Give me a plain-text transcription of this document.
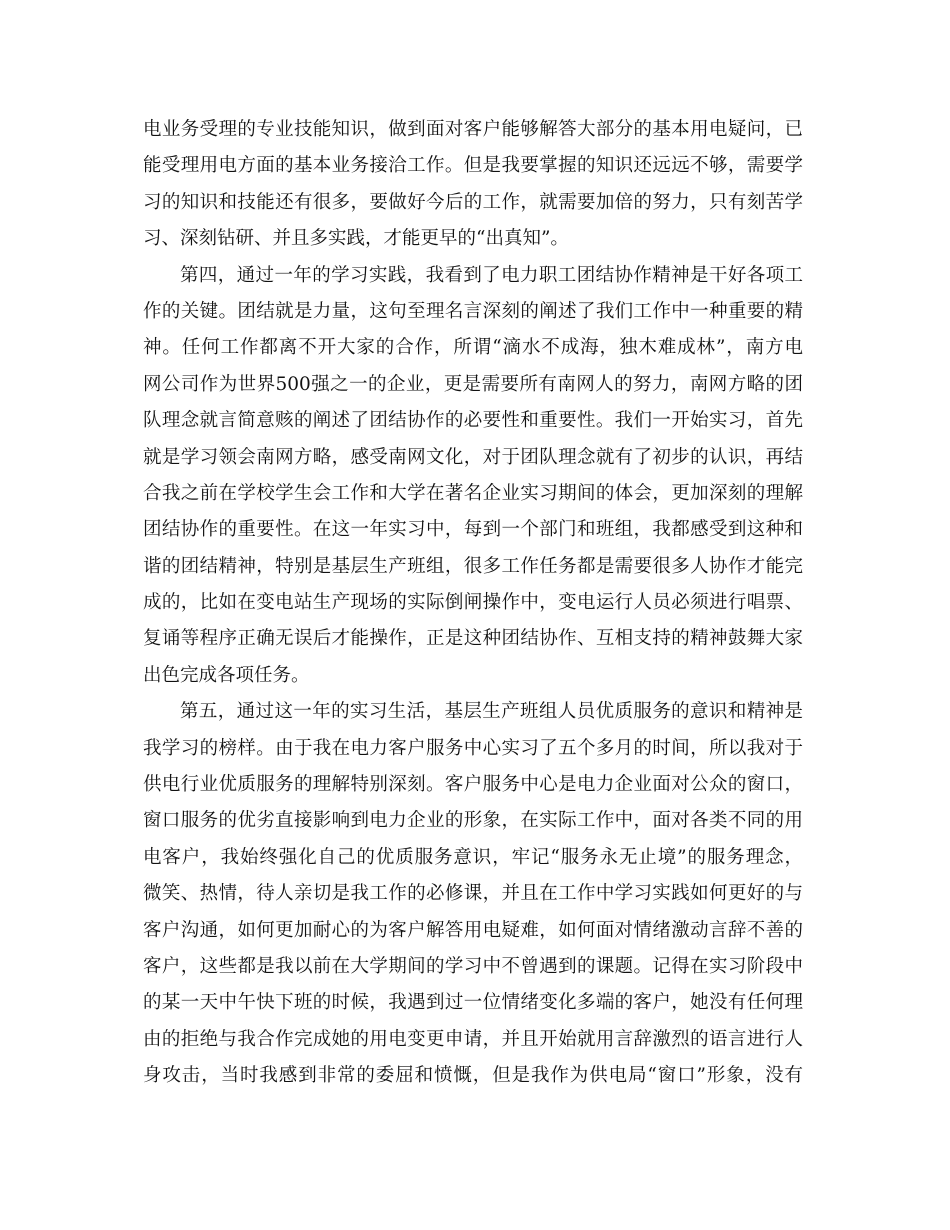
电业务受理的专业技能知识，做到面对客户能够解答大部分的基本用电疑问，已
能受理用电方面的基本业务接洽工作。但是我要掌握的知识还远远不够，需要学
习的知识和技能还有很多，要做好今后的工作，就需要加倍的努力，只有刻苦学
习、深刻钻研、并且多实践，才能更早的“出真知”。
第四，通过一年的学习实践，我看到了电力职工团结协作精神是干好各项工
作的关键。团结就是力量，这句至理名言深刻的阐述了我们工作中一种重要的精
神。任何工作都离不开大家的合作，所谓“滴水不成海，独木难成林”，南方电
网公司作为世界500强之一的企业，更是需要所有南网人的努力，南网方略的团
队理念就言简意赅的阐述了团结协作的必要性和重要性。我们一开始实习，首先
就是学习领会南网方略，感受南网文化，对于团队理念就有了初步的认识，再结
合我之前在学校学生会工作和大学在著名企业实习期间的体会，更加深刻的理解
团结协作的重要性。在这一年实习中，每到一个部门和班组，我都感受到这种和
谐的团结精神，特别是基层生产班组，很多工作任务都是需要很多人协作才能完
成的，比如在变电站生产现场的实际倒闸操作中，变电运行人员必须进行唱票、
复诵等程序正确无误后才能操作，正是这种团结协作、互相支持的精神鼓舞大家
出色完成各项任务。
第五，通过这一年的实习生活，基层生产班组人员优质服务的意识和精神是
我学习的榜样。由于我在电力客户服务中心实习了五个多月的时间，所以我对于
供电行业优质服务的理解特别深刻。客户服务中心是电力企业面对公众的窗口，
窗口服务的优劣直接影响到电力企业的形象，在实际工作中，面对各类不同的用
电客户，我始终强化自己的优质服务意识，牢记“服务永无止境”的服务理念，
微笑、热情，待人亲切是我工作的必修课，并且在工作中学习实践如何更好的与
客户沟通，如何更加耐心的为客户解答用电疑难，如何面对情绪激动言辞不善的
客户，这些都是我以前在大学期间的学习中不曾遇到的课题。记得在实习阶段中
的某一天中午快下班的时候，我遇到过一位情绪变化多端的客户，她没有任何理
由的拒绝与我合作完成她的用电变更申请，并且开始就用言辞激烈的语言进行人
身攻击，当时我感到非常的委屈和愤慨，但是我作为供电局“窗口”形象，没有
